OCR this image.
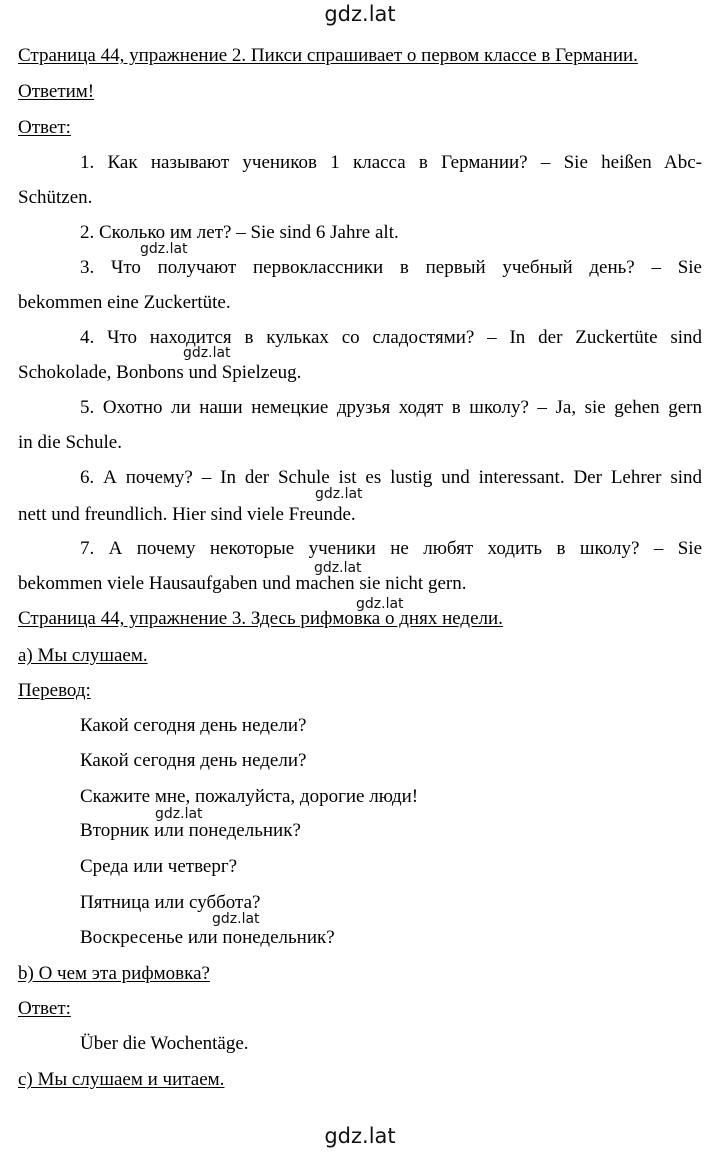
gdz.lat
Страница 44, упражнение 2. Пикси спрашивает о первом классе в Германии.
Ответим!
Ответ:
1. Как называют учеников 1 класса в Германии? – Sie heißen Abc-
Schützen.
2. Сколько им лет? – Sie sind 6 Jahre alt.
3. Что получают первоклассники в первый учебный день? – Sie
bekommen eine Zuckertüte.
4. Что находится в кульках со сладостями? – In der Zuckertüte sind
Schokolade, Bonbons und Spielzeug.
5. Охотно ли наши немецкие друзья ходят в школу? – Ja, sie gehen gern
in die Schule.
6. А почему? – In der Schule ist es lustig und interessant. Der Lehrer sind
nett und freundlich. Hier sind viele Freunde.
7. А почему некоторые ученики не любят ходить в школу? – Sie
bekommen viele Hausaufgaben und machen sie nicht gern.
Страница 44, упражнение 3. Здесь рифмовка о днях недели.
а) Мы слушаем.
Перевод:
Какой сегодня день недели?
Какой сегодня день недели?
Скажите мне, пожалуйста, дорогие люди!
Вторник или понедельник?
Среда или четверг?
Пятница или суббота?
Воскресенье или понедельник?
b) О чем эта рифмовка?
Ответ:
Über die Wochentäge.
c) Мы слушаем и читаем.
gdz.lat
gdz.lat
gdz.lat
gdz.lat
gdz.lat
gdz.lat
gdz.lat
gdz.lat
